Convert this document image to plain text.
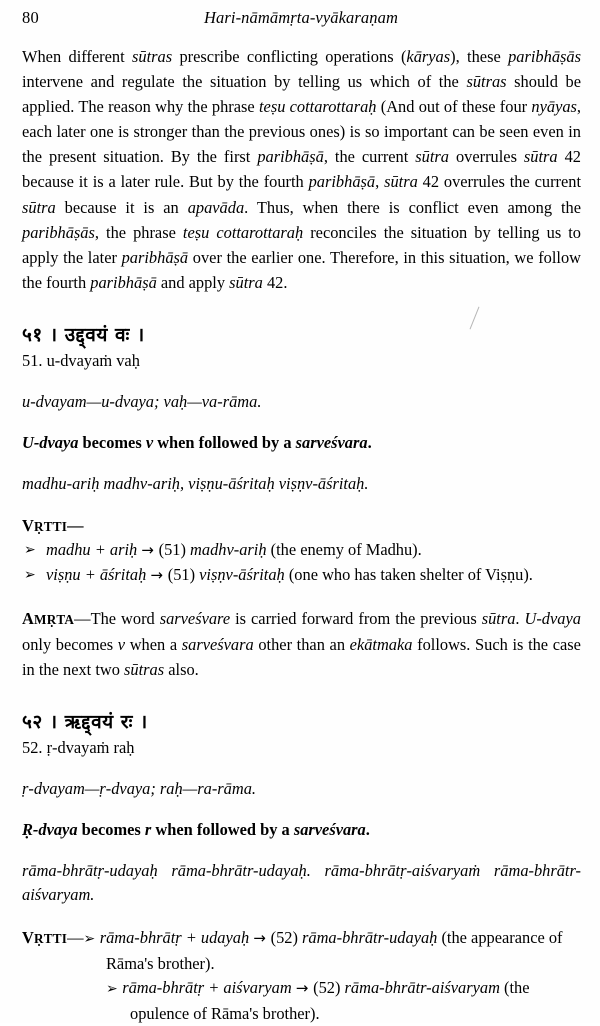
80	Hari-nāmāmṛta-vyākaraṇam

When different sūtras prescribe conflicting operations (kāryas), these paribhāṣās intervene and regulate the situation by telling us which of the sūtras should be applied. The reason why the phrase teṣu cottarottaraḥ (And out of these four nyāyas, each later one is stronger than the previous ones) is so important can be seen even in the present situation. By the first paribhāṣā, the current sūtra overrules sūtra 42 because it is a later rule. But by the fourth paribhāṣā, sūtra 42 overrules the current sūtra because it is an apavāda. Thus, when there is conflict even among the paribhāṣās, the phrase teṣu cottarottaraḥ reconciles the situation by telling us to apply the later paribhāṣā over the earlier one. Therefore, in this situation, we follow the fourth paribhāṣā and apply sūtra 42.

५१ । उद्द्वयं वः ।

51. u-dvayaṁ vaḥ

u-dvayam—u-dvaya; vaḥ—va-rāma.

U-dvaya becomes v when followed by a sarveśvara.

madhu-ariḥ madhv-ariḥ, viṣṇu-āśritaḥ viṣṇv-āśritaḥ.

VṚTTI—

➢ madhu + ariḥ → (51) madhv-ariḥ (the enemy of Madhu).
➢ viṣṇu + āśritaḥ → (51) viṣṇv-āśritaḥ (one who has taken shelter of Viṣṇu).

AMṚTA—The word sarveśvare is carried forward from the previous sūtra. U-dvaya only becomes v when a sarveśvara other than an ekātmaka follows. Such is the case in the next two sūtras also.

५२ । ऋद्द्वयं रः ।

52. ṛ-dvayaṁ raḥ

ṛ-dvayam—ṛ-dvaya; raḥ—ra-rāma.

Ṛ-dvaya becomes r when followed by a sarveśvara.

rāma-bhrātṛ-udayaḥ rāma-bhrātr-udayaḥ. rāma-bhrātṛ-aiśvaryaṁ rāma-bhrātr-aiśvaryam.

VṚTTI—➢ rāma-bhrātṛ + udayaḥ → (52) rāma-bhrātr-udayaḥ (the appearance of Rāma's brother).
➢ rāma-bhrātṛ + aiśvaryam → (52) rāma-bhrātr-aiśvaryam (the opulence of Rāma's brother).
